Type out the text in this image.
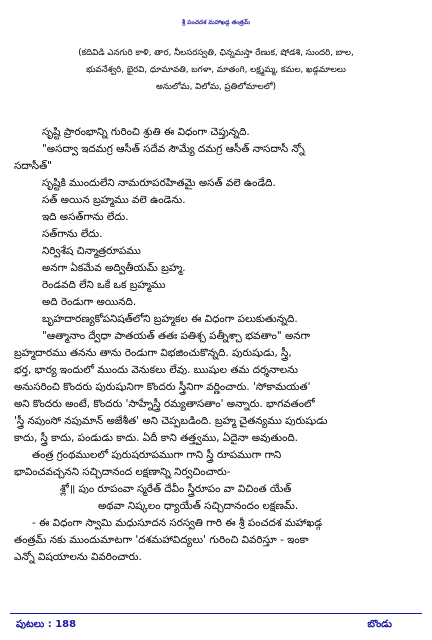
శ్రీ పంచదశ మహాఖడ్గ తంత్రమ్
(కదివిడి ఎనగురి కాళి, తార, నీలసరస్వతి, ఛిన్నమస్తా రేణుక, షోడశి, సుందరి, బాల,
భువనేశ్వరి, భైరవి, ధూమావతి, బగళా, మాతంగి, లక్ష్మమ్మ, కమల, ఖడ్గమాలలు
అనులోమ, విలోమ, ప్రతిలోమాలలో)
సృష్టి ప్రారంభాన్ని గురించి శ్రుతి ఈ విధంగా చెప్తున్నది.
"అసద్వా ఇదమగ్ర ఆసీత్ సదేవ సౌమ్యే దమగ్ర ఆసీత్ నాసదాసీ న్నో
సదాసీత్"
సృష్టికి ముందులేని నామరూపరహితమై అసత్ వలె ఉండేది.
సత్ అయిన బ్రహ్మము వలె ఉండెను.
ఇది అసత్‌గాను లేదు.
సత్‌గాను లేదు.
నిర్విశేష చిన్మాత్రరూపము
అనగా ఏకమేవ అద్వితీయమ్ బ్రహ్మ.
రెండవది లేని ఒకే ఒక బ్రహ్మము
అది రెండుగా అయినది.
బృహదారణ్యకోపనిషత్‌లోని బ్రహ్మకల ఈ విధంగా పలుకుతున్నది.
"ఆత్మానాం ద్వేధా పాతయత్ తతః పతిశ్చ పత్నీశ్చా భవతాం" అనగా
బ్రహ్మదారము తనను తాను రెండుగా విభజించుకొన్నది. పురుషుడు, స్త్రీ,
భర్త, భార్య ఇందులో ముందు వెనుకలు లేవు. ఋషుల తమ దర్శనాలను
అనుసరించి కొందరు పురుషునిగా కొందరు స్త్రీనిగా వర్ణించారు. 'సోకామయత'
అని కొందరు అంటే, కొందరు 'సాహ్నేస్త్రీ రమ్యతాసతాం' అన్నారు. భాగవతంలో
'స్త్రీ నపుంసో నపుమాన్ అజేశీత' అని చెప్పబడింది. బ్రహ్మ చైతన్యము పురుషుడు
కాదు, స్త్రీ కాదు, పండుడు కాదు. ఏదీ కాని తత్త్వము, ఏదైనా అవుతుంది.
తంత్ర గ్రంథములలో పురుషరూపముగా గాని స్త్రీ రూపముగా గాని
భావించవచ్చనని సచ్చిదానంద లక్షణాన్ని నిర్వచించారు-
శ్లో॥ పుం రూపంవా స్మరేత్ దేవీం స్త్రీరూపం వా విచింత యేత్
అథవా నిష్కలం ధ్యాయేత్ సచ్చిదానందం లక్షణమ్.
- ఈ విధంగా స్వామి మధుసూదన సరస్వతి గారి ఈ శ్రీ పంచదశ మహాఖడ్గ
తంత్రమ్ నకు ముందుమాటగా 'దశమహావిద్యలు' గురించి వివరిస్తూ - ఇంకా
ఎన్నో విషయాలను వివరించారు.
పుటలు : 188	బొండు
